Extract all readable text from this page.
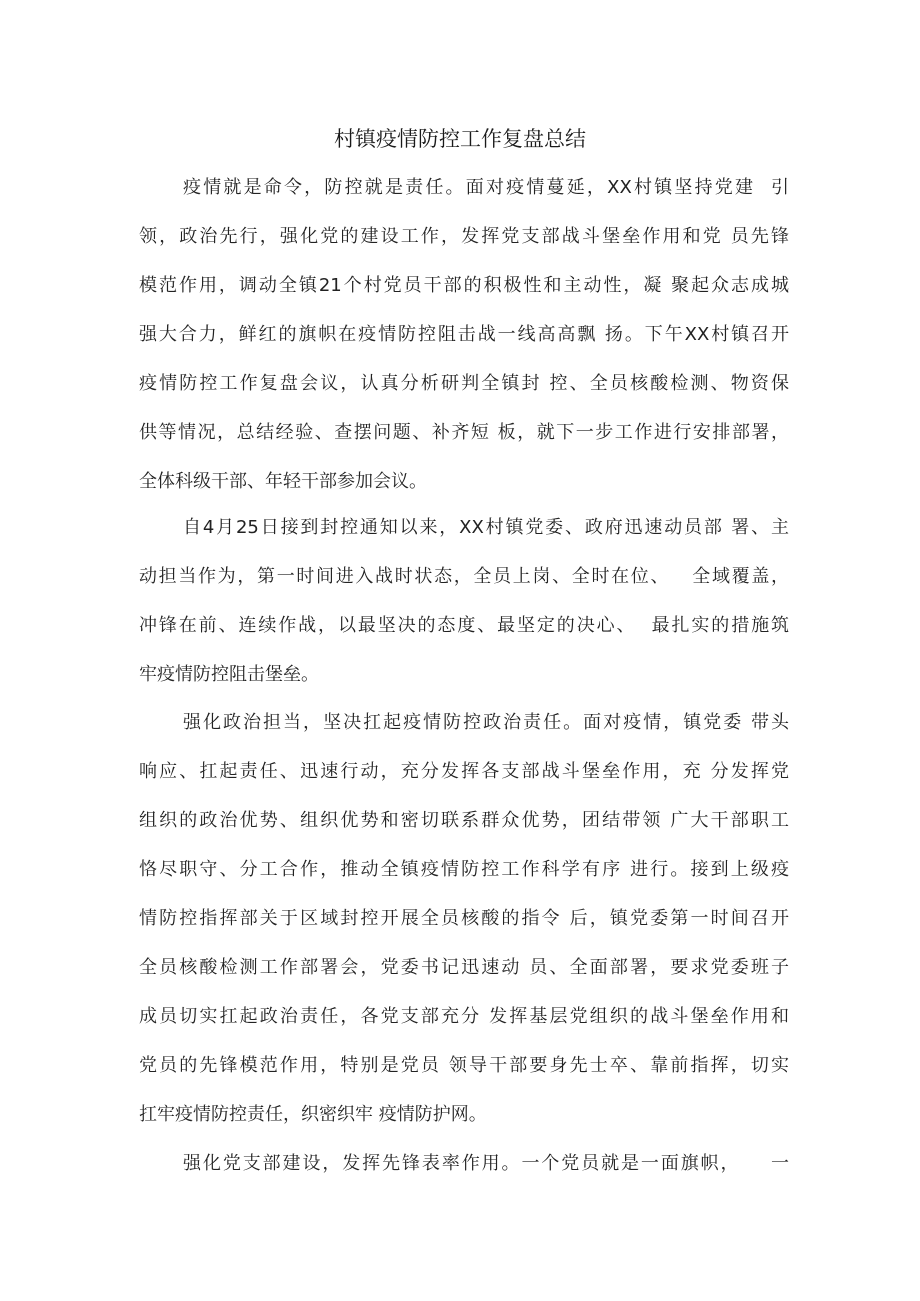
村镇疫情防控工作复盘总结

疫情就是命令，防控就是责任。面对疫情蔓延，XX村镇坚持党建  引

领，政治先行，强化党的建设工作，发挥党支部战斗堡垒作用和党 员先锋

模范作用，调动全镇21个村党员干部的积极性和主动性，凝 聚起众志成城

强大合力，鲜红的旗帜在疫情防控阻击战一线高高飘 扬。下午XX村镇召开

疫情防控工作复盘会议，认真分析研判全镇封 控、全员核酸检测、物资保

供等情况，总结经验、查摆问题、补齐短 板，就下一步工作进行安排部署，

全体科级干部、年轻干部参加会议。

自4月25日接到封控通知以来，XX村镇党委、政府迅速动员部 署、主

动担当作为，第一时间进入战时状态，全员上岗、全时在位、   全域覆盖，

冲锋在前、连续作战，以最坚决的态度、最坚定的决心、  最扎实的措施筑

牢疫情防控阻击堡垒。

强化政治担当，坚决扛起疫情防控政治责任。面对疫情，镇党委 带头

响应、扛起责任、迅速行动，充分发挥各支部战斗堡垒作用，充 分发挥党

组织的政治优势、组织优势和密切联系群众优势，团结带领 广大干部职工

恪尽职守、分工合作，推动全镇疫情防控工作科学有序 进行。接到上级疫

情防控指挥部关于区域封控开展全员核酸的指令 后，镇党委第一时间召开

全员核酸检测工作部署会，党委书记迅速动 员、全面部署，要求党委班子

成员切实扛起政治责任，各党支部充分 发挥基层党组织的战斗堡垒作用和

党员的先锋模范作用，特别是党员 领导干部要身先士卒、靠前指挥，切实

扛牢疫情防控责任，织密织牢 疫情防护网。

强化党支部建设，发挥先锋表率作用。一个党员就是一面旗帜，    一
